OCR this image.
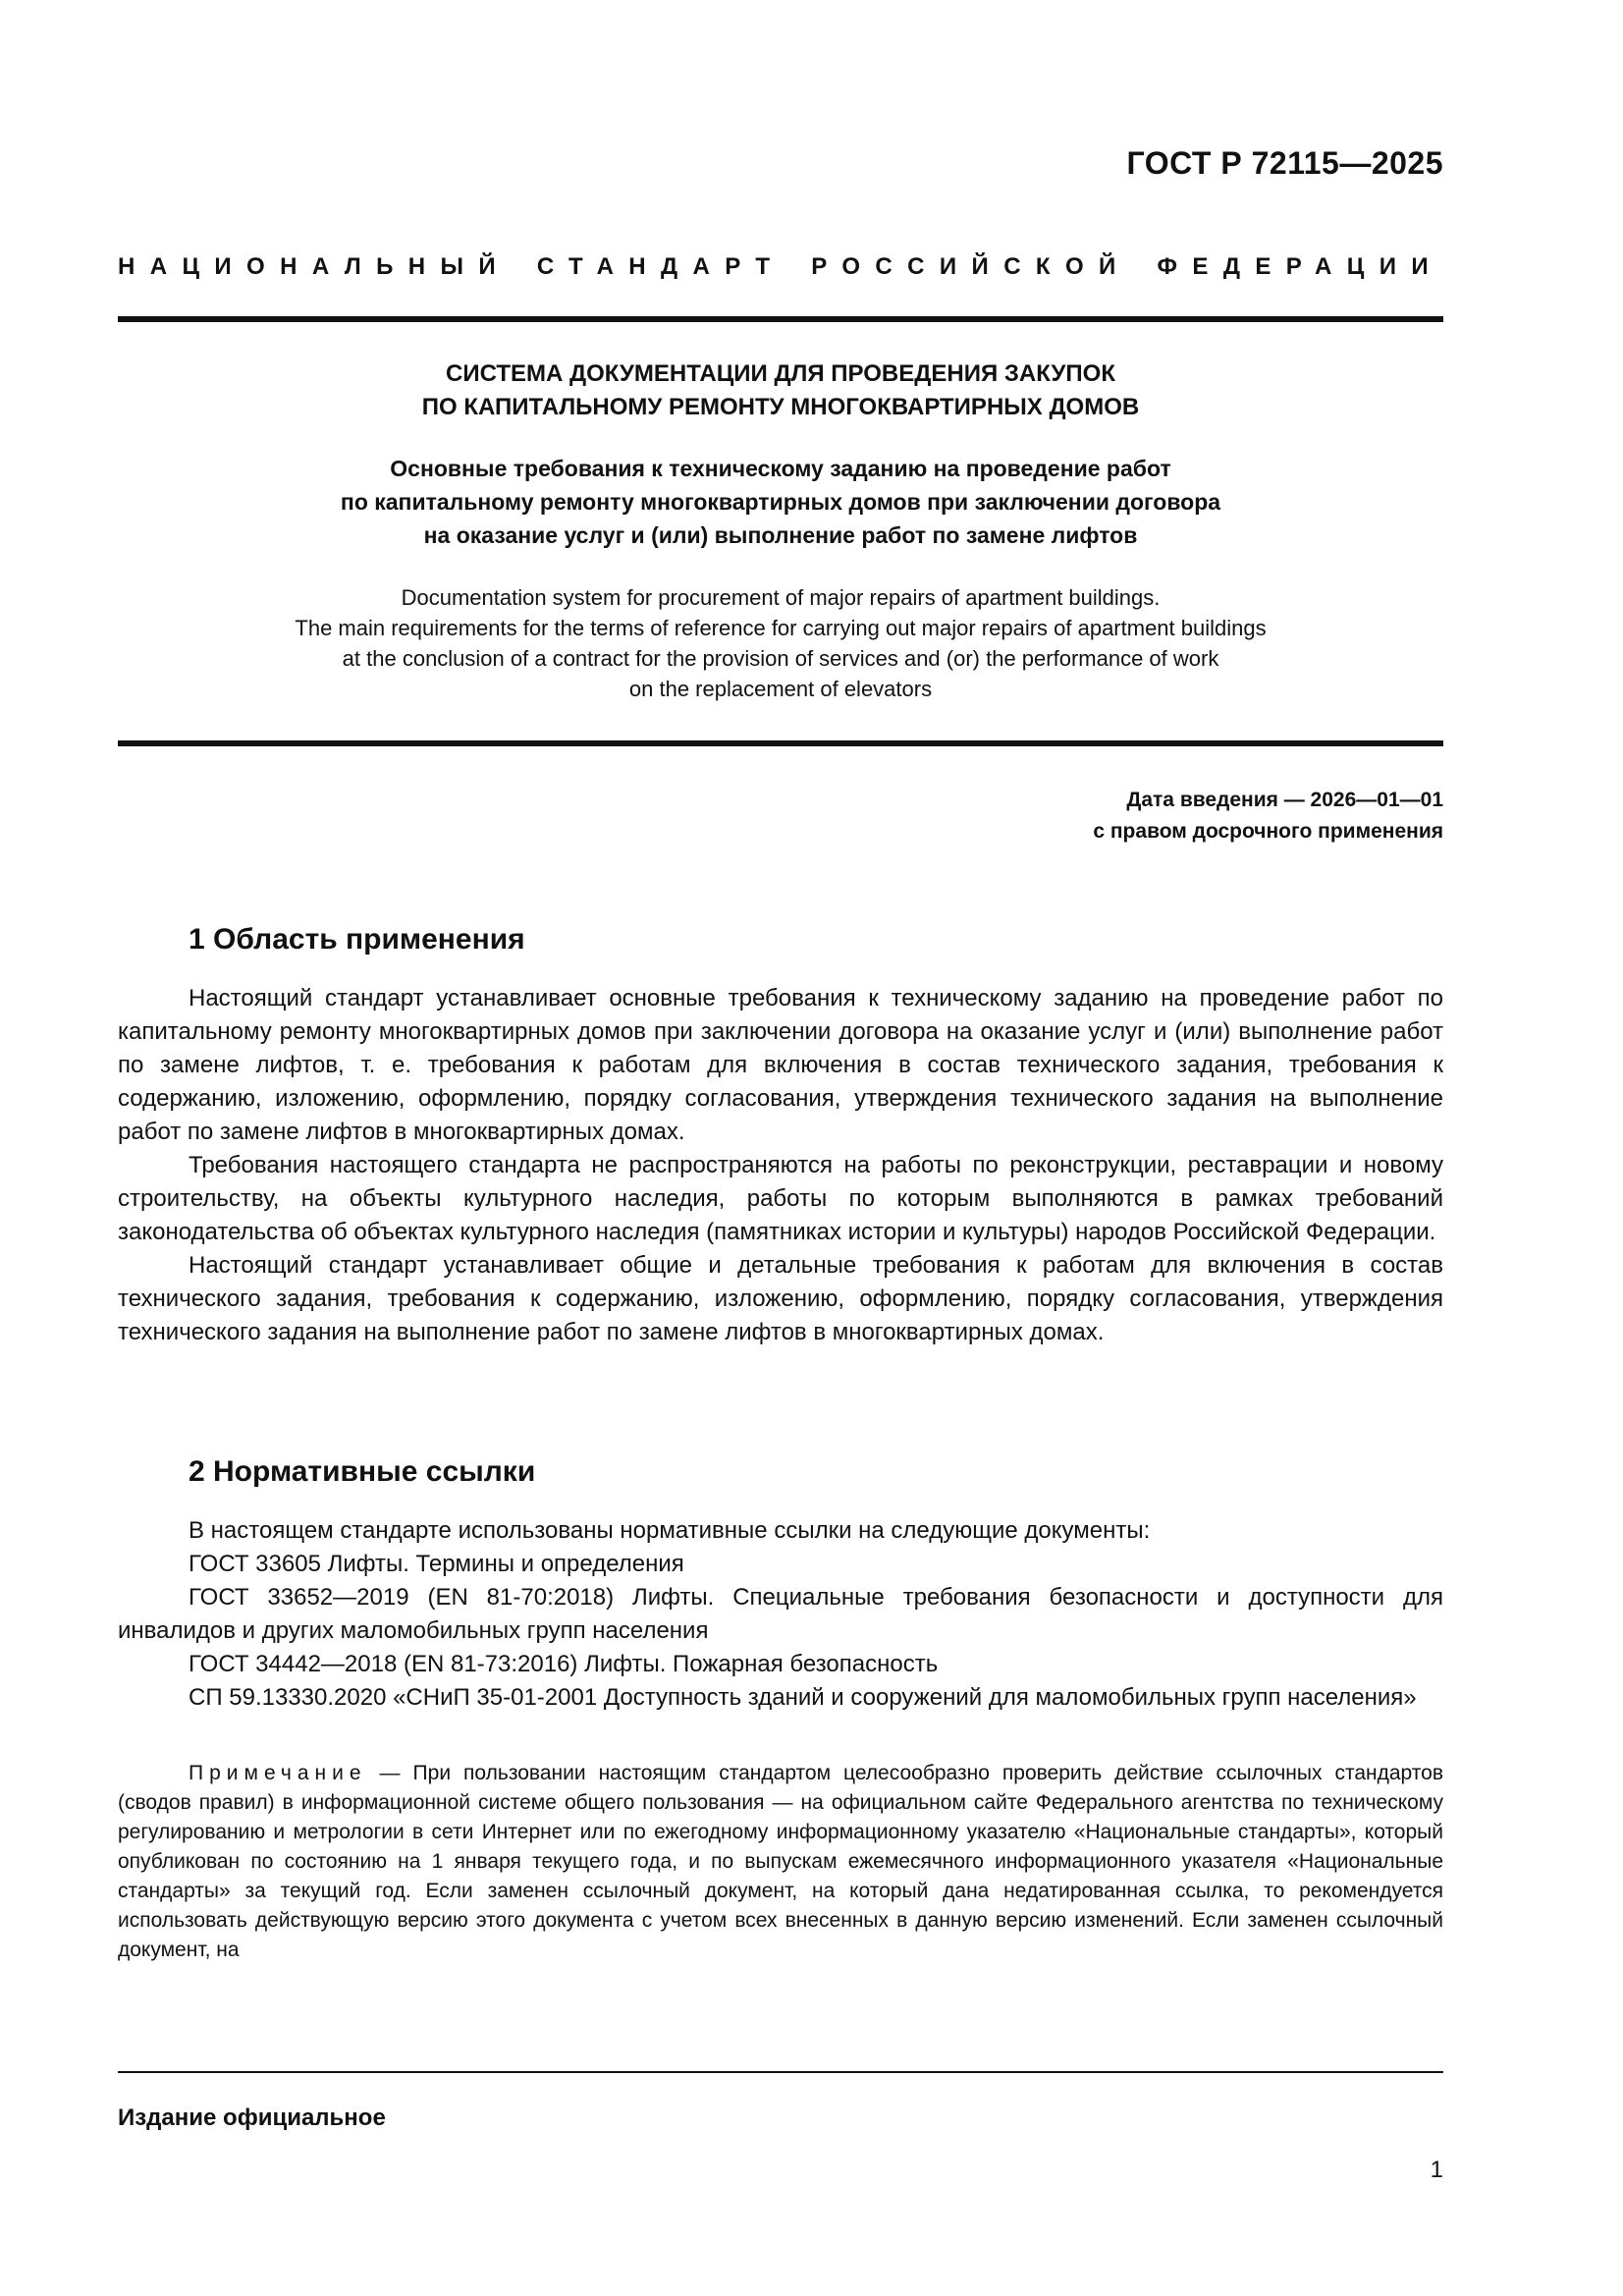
ГОСТ Р 72115—2025
НАЦИОНАЛЬНЫЙ СТАНДАРТ РОССИЙСКОЙ ФЕДЕРАЦИИ
СИСТЕМА ДОКУМЕНТАЦИИ ДЛЯ ПРОВЕДЕНИЯ ЗАКУПОК
ПО КАПИТАЛЬНОМУ РЕМОНТУ МНОГОКВАРТИРНЫХ ДОМОВ
Основные требования к техническому заданию на проведение работ
по капитальному ремонту многоквартирных домов при заключении договора
на оказание услуг и (или) выполнение работ по замене лифтов
Documentation system for procurement of major repairs of apartment buildings.
The main requirements for the terms of reference for carrying out major repairs of apartment buildings
at the conclusion of a contract for the provision of services and (or) the performance of work
on the replacement of elevators
Дата введения — 2026—01—01
с правом досрочного применения
1 Область применения

Настоящий стандарт устанавливает основные требования к техническому заданию на проведение работ по капитальному ремонту многоквартирных домов при заключении договора на оказание услуг и (или) выполнение работ по замене лифтов, т. е. требования к работам для включения в состав технического задания, требования к содержанию, изложению, оформлению, порядку согласования, утверждения технического задания на выполнение работ по замене лифтов в многоквартирных домах.

Требования настоящего стандарта не распространяются на работы по реконструкции, реставрации и новому строительству, на объекты культурного наследия, работы по которым выполняются в рамках требований законодательства об объектах культурного наследия (памятниках истории и культуры) народов Российской Федерации.

Настоящий стандарт устанавливает общие и детальные требования к работам для включения в состав технического задания, требования к содержанию, изложению, оформлению, порядку согласования, утверждения технического задания на выполнение работ по замене лифтов в многоквартирных домах.

2 Нормативные ссылки

В настоящем стандарте использованы нормативные ссылки на следующие документы:

ГОСТ 33605 Лифты. Термины и определения

ГОСТ 33652—2019 (EN 81-70:2018) Лифты. Специальные требования безопасности и доступности для инвалидов и других маломобильных групп населения

ГОСТ 34442—2018 (EN 81-73:2016) Лифты. Пожарная безопасность

СП 59.13330.2020 «СНиП 35-01-2001 Доступность зданий и сооружений для маломобильных групп населения»

Примечание — При пользовании настоящим стандартом целесообразно проверить действие ссылочных стандартов (сводов правил) в информационной системе общего пользования — на официальном сайте Федерального агентства по техническому регулированию и метрологии в сети Интернет или по ежегодному информационному указателю «Национальные стандарты», который опубликован по состоянию на 1 января текущего года, и по выпускам ежемесячного информационного указателя «Национальные стандарты» за текущий год. Если заменен ссылочный документ, на который дана недатированная ссылка, то рекомендуется использовать действующую версию этого документа с учетом всех внесенных в данную версию изменений. Если заменен ссылочный документ, на

Издание официальное
1
